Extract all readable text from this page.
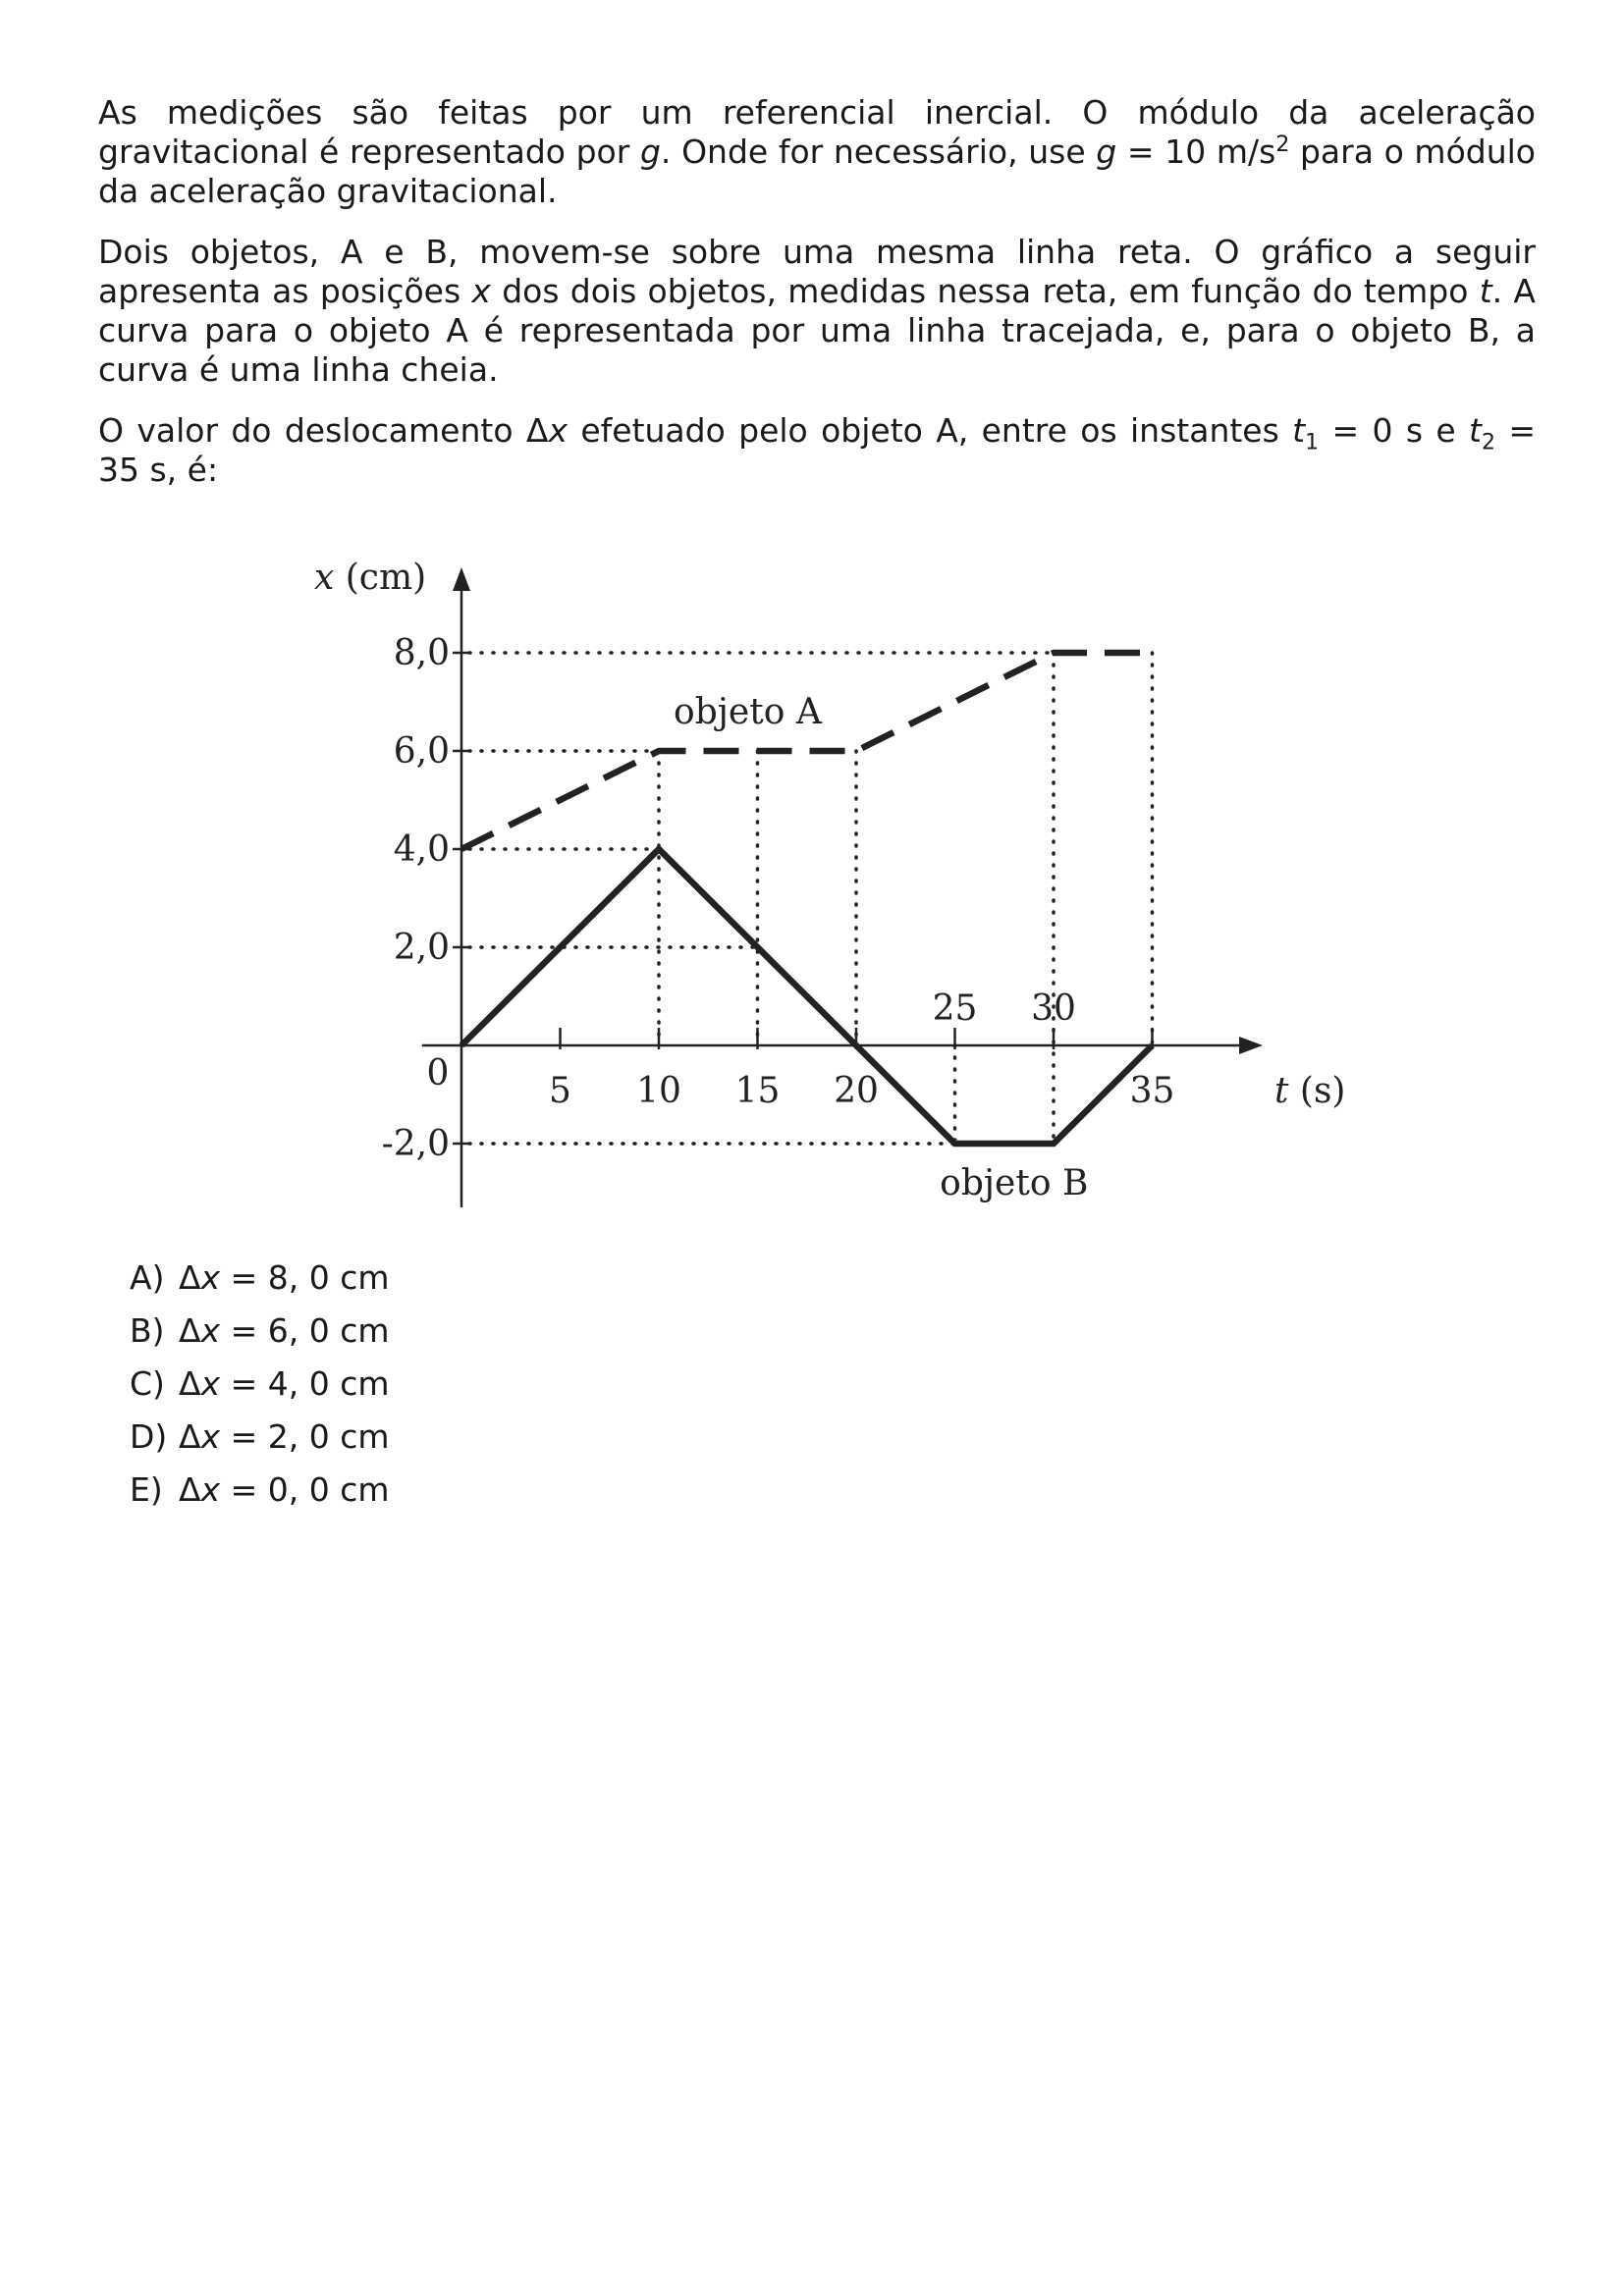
As medições são feitas por um referencial inercial. O módulo da aceleração gravitacional é representado por g. Onde for necessário, use g = 10 $m/s^2$ para o módulo da aceleração gravitacional.

Dois objetos, A e B, movem-se sobre uma mesma linha reta. O gráfico a seguir apresenta as posições x dos dois objetos, medidas nessa reta, em função do tempo t. A curva para o objeto A é representada por uma linha tracejada, e, para o objeto B, a curva é uma linha cheia.

O valor do deslocamento Δx efetuado pelo objeto A, entre os instantes $t_1 = 0$ s e $t_2 = 35$ s, é:

8,0
6,0
4,0
2,0
-2,0
5 10 15 20	35
25 30
0
x (cm)
t (s)
objeto A
objeto B
A) Δx = 8, 0 cm
B) Δx = 6, 0 cm
C) Δx = 4, 0 cm
D) Δx = 2, 0 cm
E) Δx = 0, 0 cm
